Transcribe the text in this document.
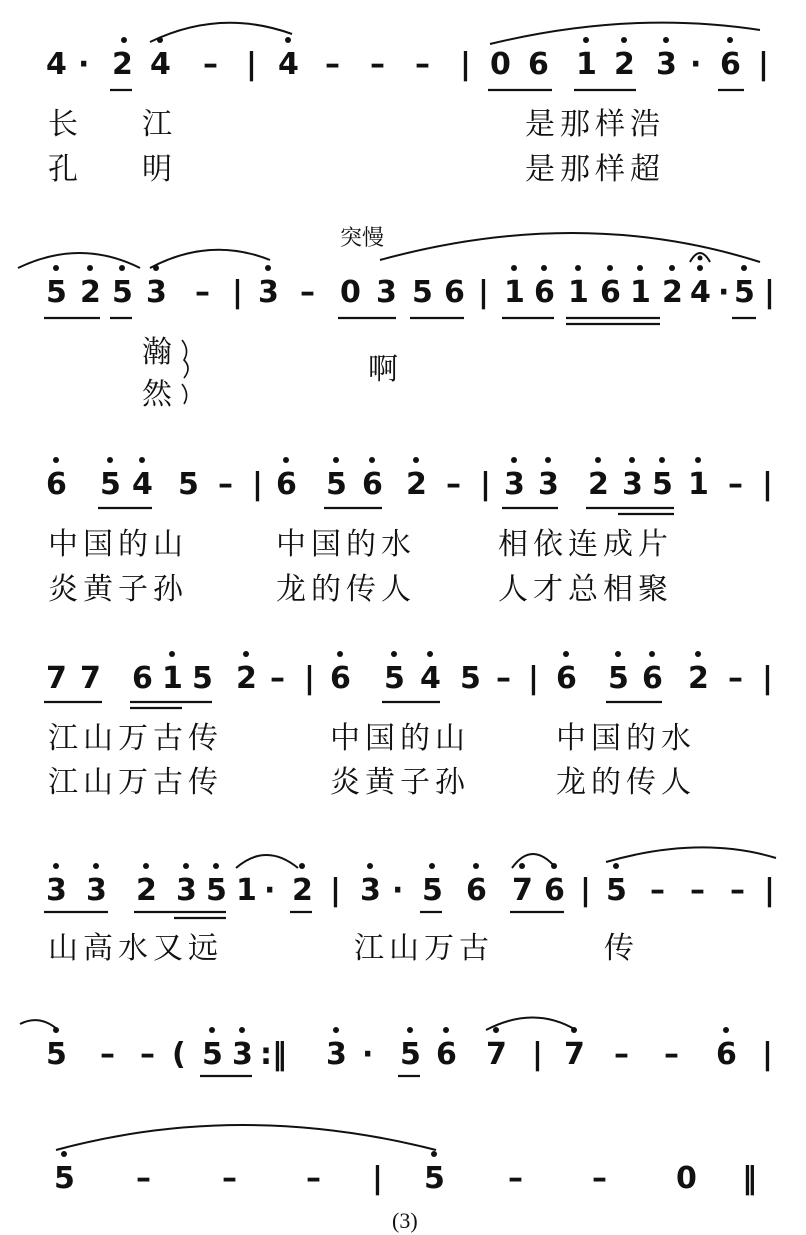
4 · 2 4 – | 4 – – – | 0 6 1 2 3 · 6 |
长 江	是那样浩
孔 明	是那样超
突慢
5 2 5 3 – | 3 – 0 3 5 6 | 1 6 1 6 1 2 4 · 5 |
瀚
然
啊
6 5 4 5 – | 6 5 6 2 – | 3 3 2 3 5 1 – |
中国的山	中国的水	相依连成片
炎黄子孙	龙的传人	人才总相聚
7 7 6 1 5 2 – | 6 5 4 5 – | 6 5 6 2 – |
江山万古传	中国的山	中国的水
江山万古传	炎黄子孙	龙的传人
3 3 2 3 5 1 · 2 | 3 · 5 6 7 6 | 5 – – – |
山高水又远	江山万古	传
5 – – ( 5 3 :‖ 3 · 5 6 7 | 7 – – 6 |
5 – – – | 5 – – 0 ‖
(3)
